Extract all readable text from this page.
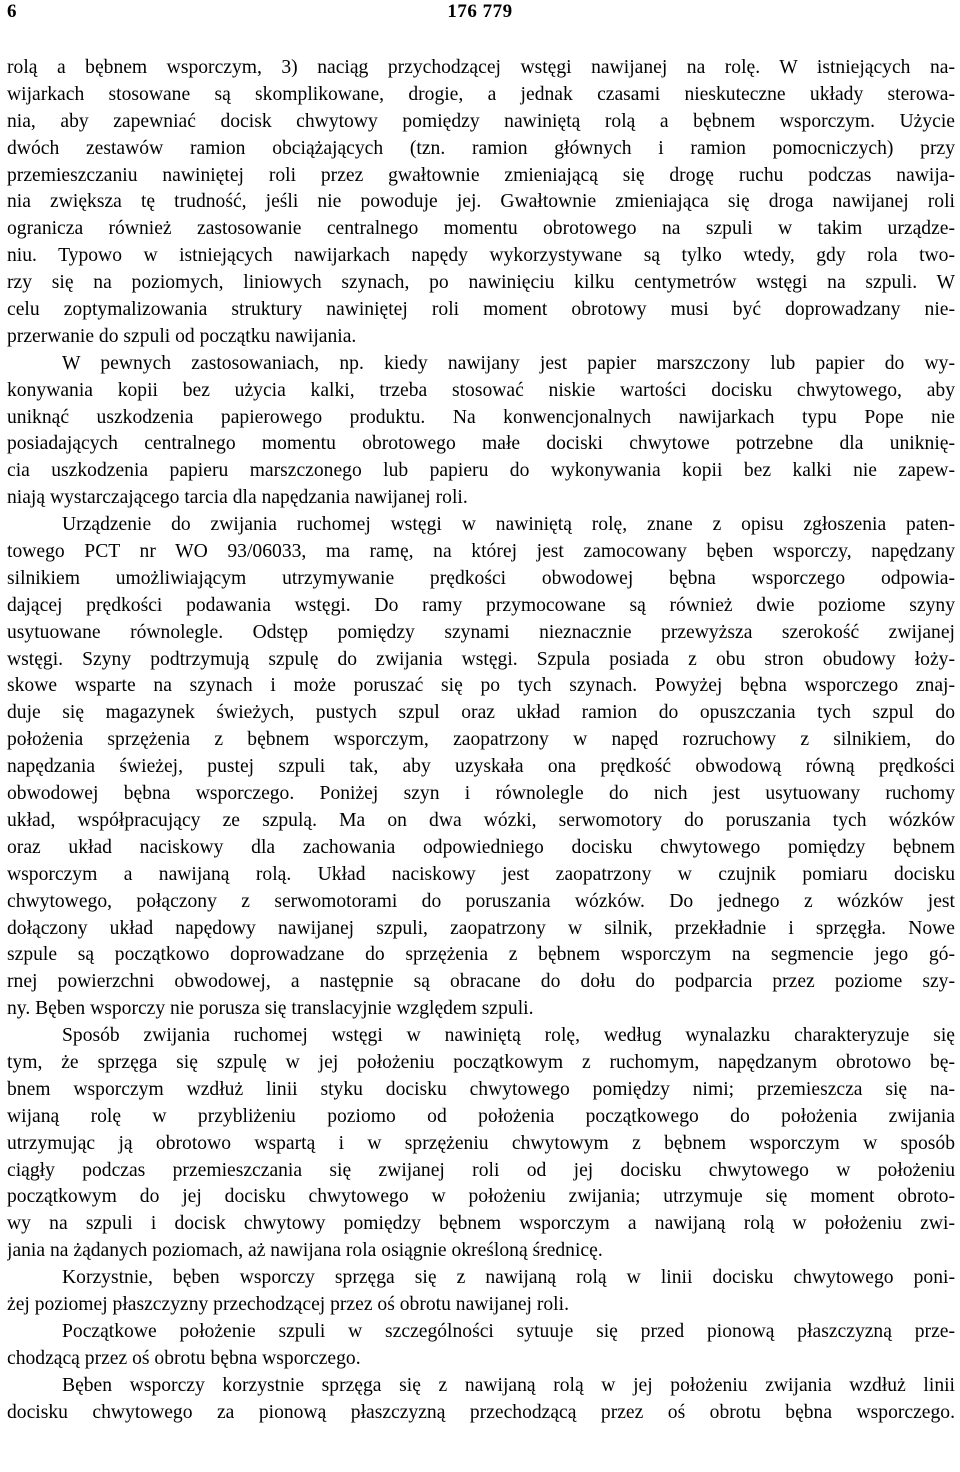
6	176 779
rolą a bębnem wsporczym, 3) naciąg przychodzącej wstęgi nawijanej na rolę. W istniejących na-
wijarkach stosowane są skomplikowane, drogie, a jednak czasami nieskuteczne układy sterowa-
nia, aby zapewniać docisk chwytowy pomiędzy nawiniętą rolą a bębnem wsporczym. Użycie
dwóch zestawów ramion obciążających (tzn. ramion głównych i ramion pomocniczych) przy
przemieszczaniu nawiniętej roli przez gwałtownie zmieniającą się drogę ruchu podczas nawija-
nia zwiększa tę trudność, jeśli nie powoduje jej. Gwałtownie zmieniająca się droga nawijanej roli
ogranicza również zastosowanie centralnego momentu obrotowego na szpuli w takim urządze-
niu. Typowo w istniejących nawijarkach napędy wykorzystywane są tylko wtedy, gdy rola two-
rzy się na poziomych, liniowych szynach, po nawinięciu kilku centymetrów wstęgi na szpuli. W
celu zoptymalizowania struktury nawiniętej roli moment obrotowy musi być doprowadzany nie-
przerwanie do szpuli od początku nawijania.
W pewnych zastosowaniach, np. kiedy nawijany jest papier marszczony lub papier do wy-
konywania kopii bez użycia kalki, trzeba stosować niskie wartości docisku chwytowego, aby
uniknąć uszkodzenia papierowego produktu. Na konwencjonalnych nawijarkach typu Pope nie
posiadających centralnego momentu obrotowego małe dociski chwytowe potrzebne dla uniknię-
cia uszkodzenia papieru marszczonego lub papieru do wykonywania kopii bez kalki nie zapew-
niają wystarczającego tarcia dla napędzania nawijanej roli.
Urządzenie do zwijania ruchomej wstęgi w nawiniętą rolę, znane z opisu zgłoszenia paten-
towego PCT nr WO 93/06033, ma ramę, na której jest zamocowany bęben wsporczy, napędzany
silnikiem umożliwiającym utrzymywanie prędkości obwodowej bębna wsporczego odpowia-
dającej prędkości podawania wstęgi. Do ramy przymocowane są również dwie poziome szyny
usytuowane równolegle. Odstęp pomiędzy szynami nieznacznie przewyższa szerokość zwijanej
wstęgi. Szyny podtrzymują szpulę do zwijania wstęgi. Szpula posiada z obu stron obudowy łoży-
skowe wsparte na szynach i może poruszać się po tych szynach. Powyżej bębna wsporczego znaj-
duje się magazynek świeżych, pustych szpul oraz układ ramion do opuszczania tych szpul do
położenia sprzężenia z bębnem wsporczym, zaopatrzony w napęd rozruchowy z silnikiem, do
napędzania świeżej, pustej szpuli tak, aby uzyskała ona prędkość obwodową równą prędkości
obwodowej bębna wsporczego. Poniżej szyn i równolegle do nich jest usytuowany ruchomy
układ, współpracujący ze szpulą. Ma on dwa wózki, serwomotory do poruszania tych wózków
oraz układ naciskowy dla zachowania odpowiedniego docisku chwytowego pomiędzy bębnem
wsporczym a nawijaną rolą. Układ naciskowy jest zaopatrzony w czujnik pomiaru docisku
chwytowego, połączony z serwomotorami do poruszania wózków. Do jednego z wózków jest
dołączony układ napędowy nawijanej szpuli, zaopatrzony w silnik, przekładnie i sprzęgła. Nowe
szpule są początkowo doprowadzane do sprzężenia z bębnem wsporczym na segmencie jego gó-
rnej powierzchni obwodowej, a następnie są obracane do dołu do podparcia przez poziome szy-
ny. Bęben wsporczy nie porusza się translacyjnie względem szpuli.
Sposób zwijania ruchomej wstęgi w nawiniętą rolę, według wynalazku charakteryzuje się
tym, że sprzęga się szpulę w jej położeniu początkowym z ruchomym, napędzanym obrotowo bę-
bnem wsporczym wzdłuż linii styku docisku chwytowego pomiędzy nimi; przemieszcza się na-
wijaną rolę w przybliżeniu poziomo od położenia początkowego do położenia zwijania
utrzymując ją obrotowo wspartą i w sprzężeniu chwytowym z bębnem wsporczym w sposób
ciągły podczas przemieszczania się zwijanej roli od jej docisku chwytowego w położeniu
początkowym do jej docisku chwytowego w położeniu zwijania; utrzymuje się moment obroto-
wy na szpuli i docisk chwytowy pomiędzy bębnem wsporczym a nawijaną rolą w położeniu zwi-
jania na żądanych poziomach, aż nawijana rola osiągnie określoną średnicę.
Korzystnie, bęben wsporczy sprzęga się z nawijaną rolą w linii docisku chwytowego poni-
żej poziomej płaszczyzny przechodzącej przez oś obrotu nawijanej roli.
Początkowe położenie szpuli w szczególności sytuuje się przed pionową płaszczyzną prze-
chodzącą przez oś obrotu bębna wsporczego.
Bęben wsporczy korzystnie sprzęga się z nawijaną rolą w jej położeniu zwijania wzdłuż linii
docisku chwytowego za pionową płaszczyzną przechodzącą przez oś obrotu bębna wsporczego.
